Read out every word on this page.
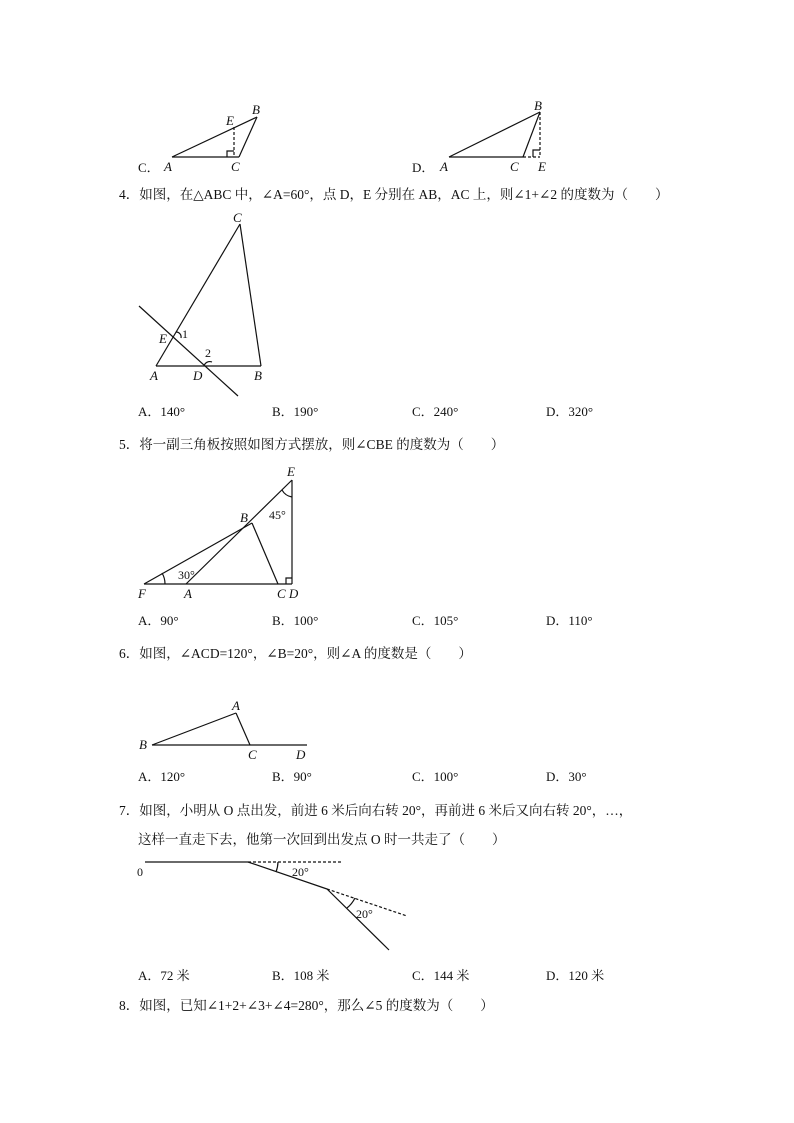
C． A
B
C
E
D． A
B
C E
4．如图，在△ABC 中，∠A=60°，点 D，E 分别在 AB，AC 上，则∠1+∠2 的度数为（　　）
C
E 1
2
A	D	B
A．140°	B．190°	C．240°	D．320°
5．将一副三角板按照如图方式摆放，则∠CBE 的度数为（　　）
E
B 45°
30°
F	A	C D
A．90°	B．100°	C．105°	D．110°
6．如图，∠ACD=120°，∠B=20°，则∠A 的度数是（　　）
A
B
C	D
A．120°	B．90°	C．100°	D．30°
7．如图，小明从 O 点出发，前进 6 米后向右转 20°，再前进 6 米后又向右转 20°，…，
这样一直走下去，他第一次回到出发点 O 时一共走了（　　）
0	20°
20°
A．72 米	B．108 米	C．144 米	D．120 米
8．如图，已知∠1+2+∠3+∠4=280°，那么∠5 的度数为（　　）
